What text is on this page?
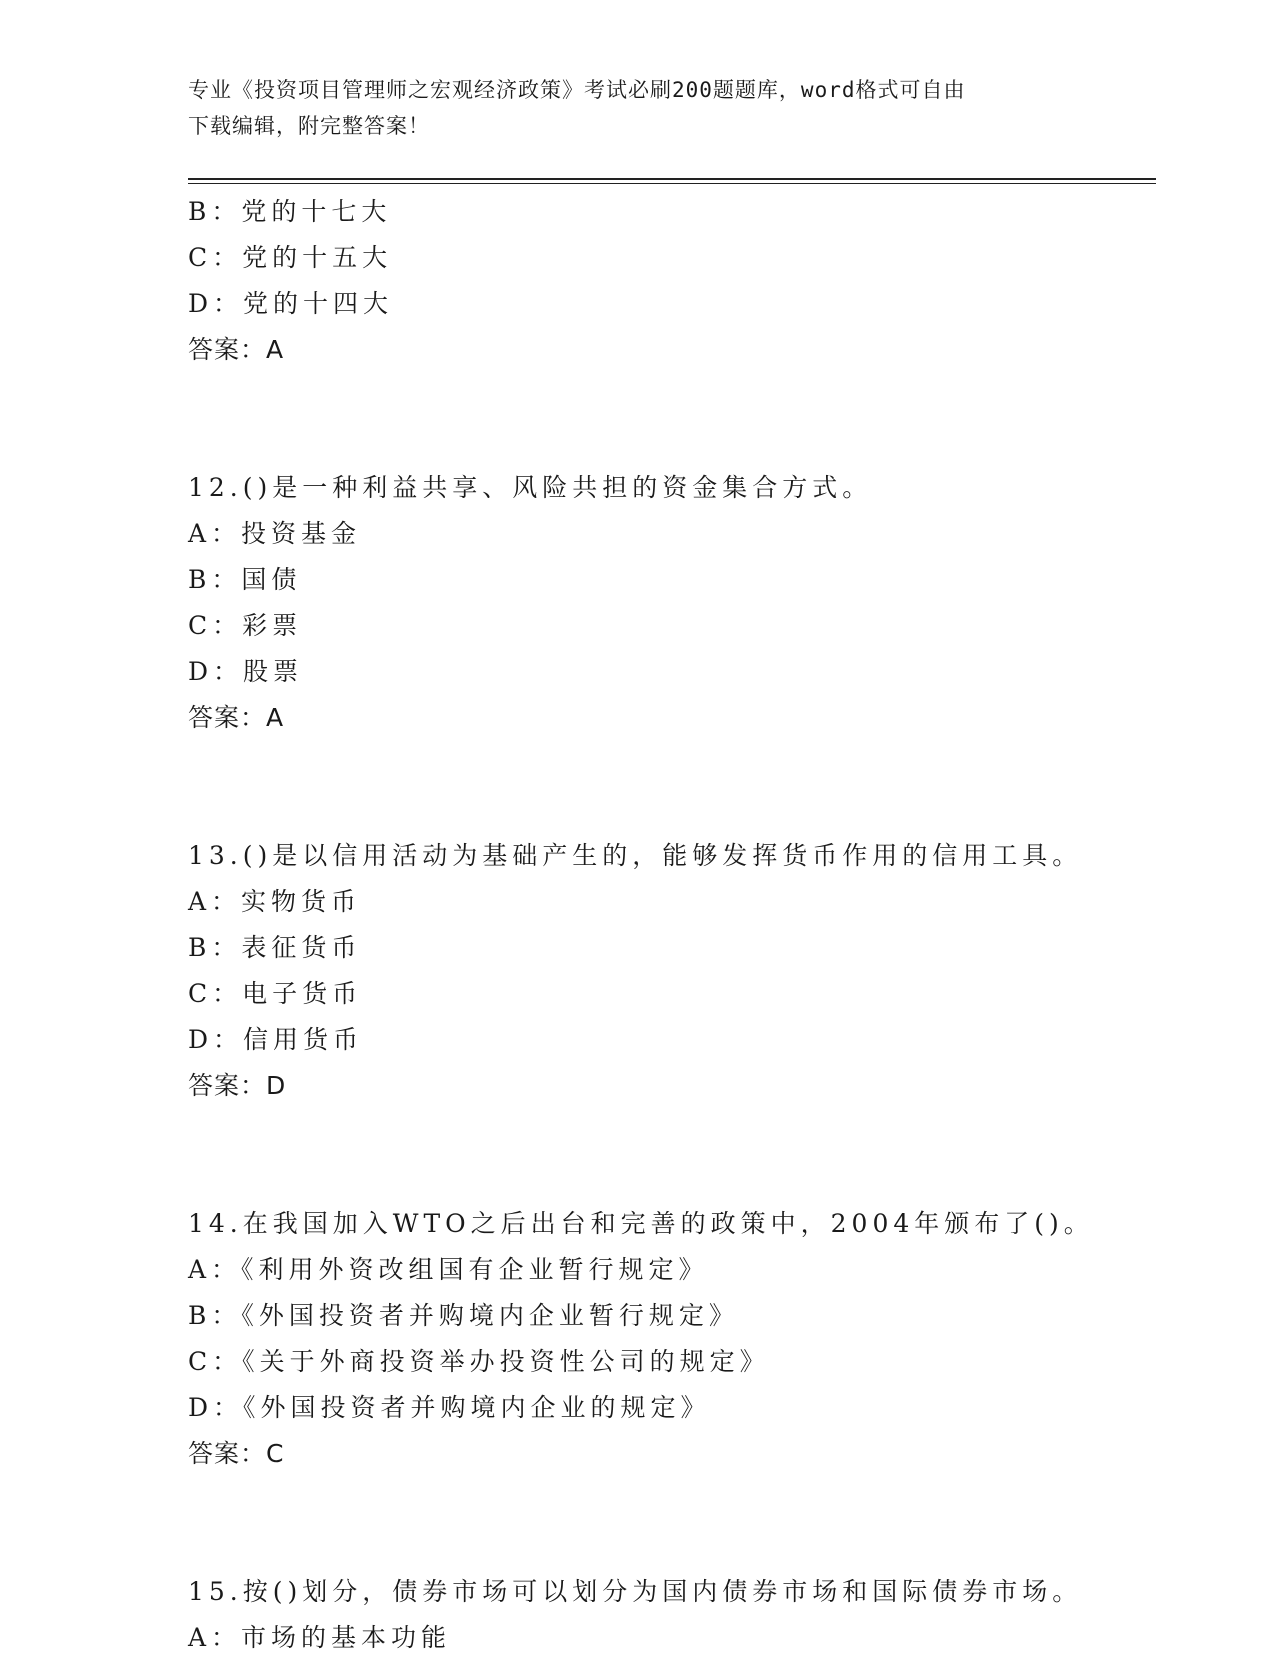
专业《投资项目管理师之宏观经济政策》考试必刷200题题库，word格式可自由
下载编辑，附完整答案！
B：党的十七大
C：党的十五大
D：党的十四大
答案：A
12.()是一种利益共享、风险共担的资金集合方式。
A：投资基金
B：国债
C：彩票
D：股票
答案：A
13.()是以信用活动为基础产生的，能够发挥货币作用的信用工具。
A：实物货币
B：表征货币
C：电子货币
D：信用货币
答案：D
14.在我国加入WTO之后出台和完善的政策中，2004年颁布了()。
A：《利用外资改组国有企业暂行规定》
B：《外国投资者并购境内企业暂行规定》
C：《关于外商投资举办投资性公司的规定》
D：《外国投资者并购境内企业的规定》
答案：C
15.按()划分，债券市场可以划分为国内债券市场和国际债券市场。
A：市场的基本功能
